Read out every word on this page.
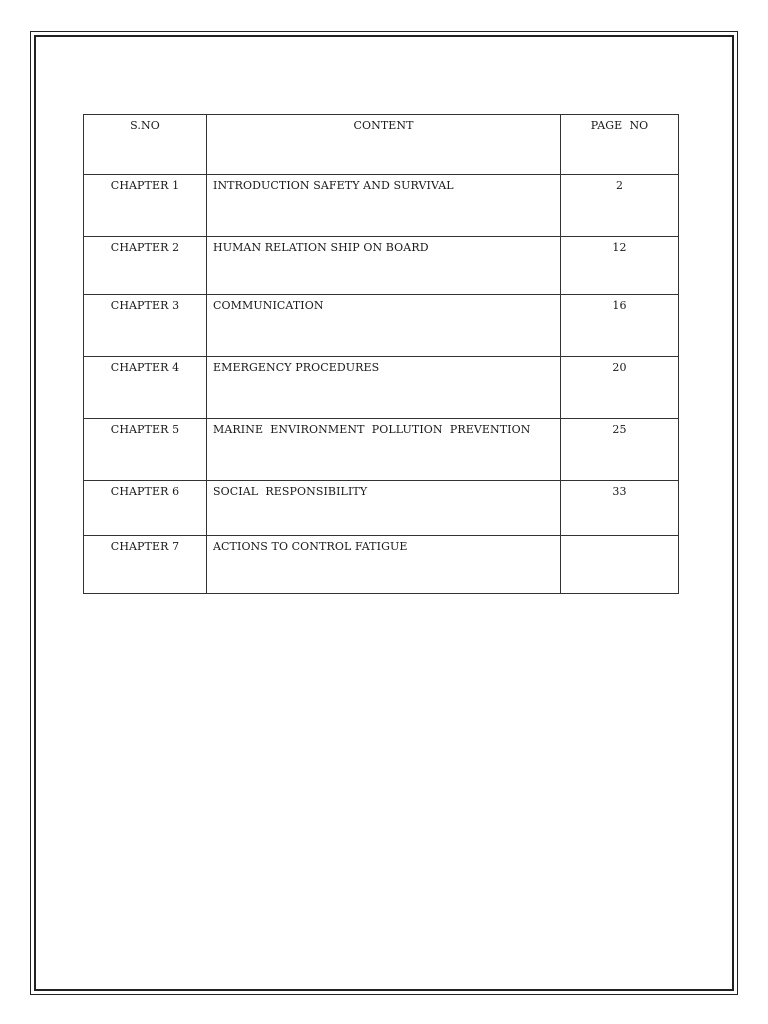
S.NO	CONTENT	PAGE  NO
CHAPTER 1	INTRODUCTION SAFETY AND SURVIVAL	2
CHAPTER 2	HUMAN RELATION SHIP ON BOARD	12
CHAPTER 3	COMMUNICATION	16
CHAPTER 4	EMERGENCY PROCEDURES	20
CHAPTER 5	MARINE  ENVIRONMENT  POLLUTION  PREVENTION	25
CHAPTER 6	SOCIAL  RESPONSIBILITY	33
CHAPTER 7	ACTIONS TO CONTROL FATIGUE	
